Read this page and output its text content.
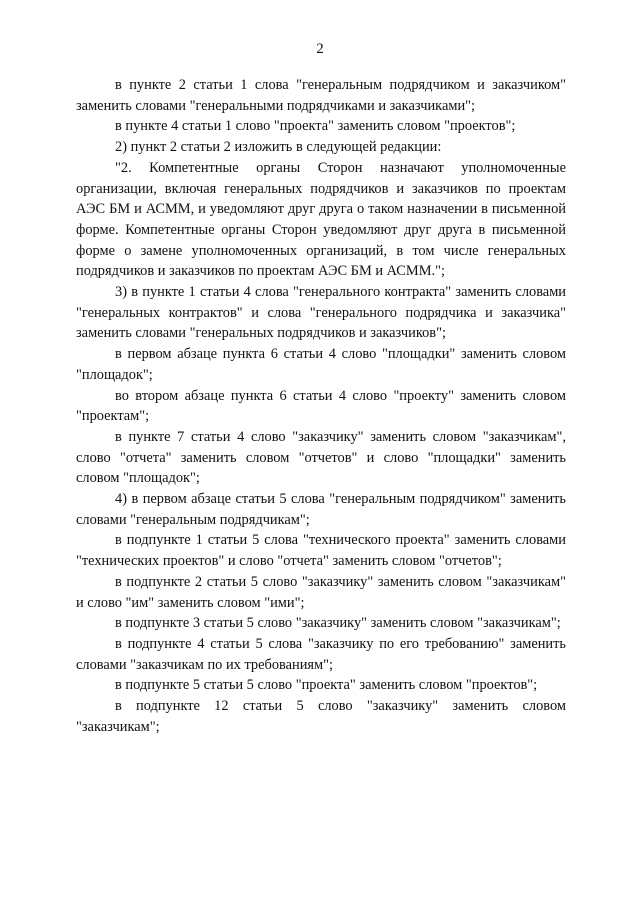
2

в пункте 2 статьи 1 слова "генеральным подрядчиком и заказчиком" заменить словами "генеральными подрядчиками и заказчиками";

в пункте 4 статьи 1 слово "проекта" заменить словом "проектов";

2) пункт 2 статьи 2 изложить в следующей редакции:

"2. Компетентные органы Сторон назначают уполномоченные организации, включая генеральных подрядчиков и заказчиков по проектам АЭС БМ и АСММ, и уведомляют друг друга о таком назначении в письменной форме. Компетентные органы Сторон уведомляют друг друга в письменной форме о замене уполномоченных организаций, в том числе генеральных подрядчиков и заказчиков по проектам АЭС БМ и АСММ.";

3) в пункте 1 статьи 4 слова "генерального контракта" заменить словами "генеральных контрактов" и слова "генерального подрядчика и заказчика" заменить словами "генеральных подрядчиков и заказчиков";

в первом абзаце пункта 6 статьи 4 слово "площадки" заменить словом "площадок";

во втором абзаце пункта 6 статьи 4 слово "проекту" заменить словом "проектам";

в пункте 7 статьи 4 слово "заказчику" заменить словом "заказчикам", слово "отчета" заменить словом "отчетов" и слово "площадки" заменить словом "площадок";

4) в первом абзаце статьи 5 слова "генеральным подрядчиком" заменить словами "генеральным подрядчикам";

в подпункте 1 статьи 5 слова "технического проекта" заменить словами "технических проектов" и слово "отчета" заменить словом "отчетов";

в подпункте 2 статьи 5 слово "заказчику" заменить словом "заказчикам" и слово "им" заменить словом "ими";

в подпункте 3 статьи 5 слово "заказчику" заменить словом "заказчикам";

в подпункте 4 статьи 5 слова "заказчику по его требованию" заменить словами "заказчикам по их требованиям";

в подпункте 5 статьи 5 слово "проекта" заменить словом "проектов";

в подпункте 12 статьи 5 слово "заказчику" заменить словом "заказчикам";
